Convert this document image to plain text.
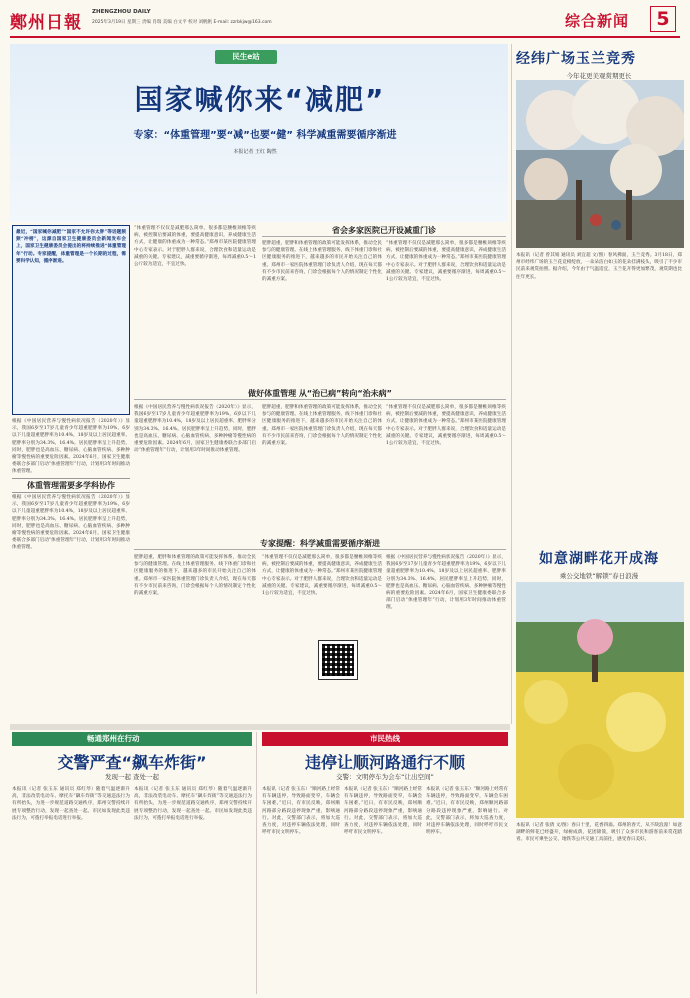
鄭州日報
ZHENGZHOU DAILY
2025年3月19日 星期三 责编 肖瑞 美编 白文平 校对 刘帆帆 E-mail: zzrbkjw@163.com	综合新闻	5
民生e站
国家喊你来“减肥”
专家：“体重管理”要“减”也要“健” 科学减重需要循序渐进
本报记者 王红 陶然
最近，“国家喊你减肥”“国家不允许你太胖”等话题频频“冲榜”，这源自国家卫生健康委员会新闻发布会上，国家卫生健康委员会提出的将持续推进“体重管理年”行动。专家提醒，体重管理是一个长期的过程，需要科学认知，循序渐进。
根据《中国居民营养与慢性病状况报告（2020年）》显示，我国6岁至17岁儿童青少年超重肥胖率为19%，6岁以下儿童超重肥胖率为10.4%，18岁及以上居民超重率、肥胖率分别为34.3%、16.4%。居民肥胖率呈上升趋势，同时，肥胖也是高血压、糖尿病、心脑血管疾病、多种肿瘤等慢性病的重要危险因素。2024年6月，国家卫生健康委联合多部门启动“体重管理年”行动，计划用3年时间推动体重管理。
体重管理需要多学科协作
根据《中国居民营养与慢性病状况报告（2020年）》显示，我国6岁至17岁儿童青少年超重肥胖率为19%，6岁以下儿童超重肥胖率为10.4%，18岁及以上居民超重率、肥胖率分别为34.3%、16.4%。居民肥胖率呈上升趋势，同时，肥胖也是高血压、糖尿病、心脑血管疾病、多种肿瘤等慢性病的重要危险因素。2024年6月，国家卫生健康委联合多部门启动“体重管理年”行动，计划用3年时间推动体重管理。
“体重管理不仅仅是减肥那么简单，很多都是腰椎颈椎等疾病，被控制后要减的体重，要提高健康意识，养成健康生活方式，让健康的体重成为一种常态。”郑州市某医院健康管理中心专家表示。对于肥胖人群来说，合理饮食和适量运动是减重的关键。专家建议，减重要循序渐进，每周减重0.5～1公斤较为适宜，不宜过快。
省会多家医院已开设减重门诊
肥胖超重，肥胖和体重管理的政策可能发挥体系，推动全民参与的健康管理。在线上体重管理服务、线下体重门诊和社区健康服务的推进下，越来越多的市民开始关注自己的体重。郑州市一家医院体重管理门诊负责人介绍，现在每天都有不少市民前来咨询，门诊会根据每个人的情况制定个性化的减重方案。
“体重管理不仅仅是减肥那么简单，很多都是腰椎颈椎等疾病，被控制后要减的体重，要提高健康意识，养成健康生活方式，让健康的体重成为一种常态。”郑州市某医院健康管理中心专家表示。对于肥胖人群来说，合理饮食和适量运动是减重的关键。专家建议，减重要循序渐进，每周减重0.5～1公斤较为适宜，不宜过快。
做好体重管理 从“治已病”转向“治未病”
根据《中国居民营养与慢性病状况报告（2020年）》显示，我国6岁至17岁儿童青少年超重肥胖率为19%，6岁以下儿童超重肥胖率为10.4%，18岁及以上居民超重率、肥胖率分别为34.3%、16.4%。居民肥胖率呈上升趋势，同时，肥胖也是高血压、糖尿病、心脑血管疾病、多种肿瘤等慢性病的重要危险因素。2024年6月，国家卫生健康委联合多部门启动“体重管理年”行动，计划用3年时间推动体重管理。
肥胖超重，肥胖和体重管理的政策可能发挥体系，推动全民参与的健康管理。在线上体重管理服务、线下体重门诊和社区健康服务的推进下，越来越多的市民开始关注自己的体重。郑州市一家医院体重管理门诊负责人介绍，现在每天都有不少市民前来咨询，门诊会根据每个人的情况制定个性化的减重方案。
“体重管理不仅仅是减肥那么简单，很多都是腰椎颈椎等疾病，被控制后要减的体重，要提高健康意识，养成健康生活方式，让健康的体重成为一种常态。”郑州市某医院健康管理中心专家表示。对于肥胖人群来说，合理饮食和适量运动是减重的关键。专家建议，减重要循序渐进，每周减重0.5～1公斤较为适宜，不宜过快。
专家提醒：科学减重需要循序渐进
肥胖超重，肥胖和体重管理的政策可能发挥体系，推动全民参与的健康管理。在线上体重管理服务、线下体重门诊和社区健康服务的推进下，越来越多的市民开始关注自己的体重。郑州市一家医院体重管理门诊负责人介绍，现在每天都有不少市民前来咨询，门诊会根据每个人的情况制定个性化的减重方案。
“体重管理不仅仅是减肥那么简单，很多都是腰椎颈椎等疾病，被控制后要减的体重，要提高健康意识，养成健康生活方式，让健康的体重成为一种常态。”郑州市某医院健康管理中心专家表示。对于肥胖人群来说，合理饮食和适量运动是减重的关键。专家建议，减重要循序渐进，每周减重0.5～1公斤较为适宜，不宜过快。
根据《中国居民营养与慢性病状况报告（2020年）》显示，我国6岁至17岁儿童青少年超重肥胖率为19%，6岁以下儿童超重肥胖率为10.4%，18岁及以上居民超重率、肥胖率分别为34.3%、16.4%。居民肥胖率呈上升趋势，同时，肥胖也是高血压、糖尿病、心脑血管疾病、多种肿瘤等慢性病的重要危险因素。2024年6月，国家卫生健康委联合多部门启动“体重管理年”行动，计划用3年时间推动体重管理。
经纬广场玉兰竞秀
今年花更美观赏期更长
本报讯（记者 曾其娟 通讯员 刘宜超 文/图）春风拂面，玉兰竞秀。3月18日，郑州市经纬广场的玉兰花竞相绽放，一朵朵洁白如玉的花朵挂满枝头，吸引了不少市民前来观赏拍照。据介绍，今年由于气温适宜，玉兰花开得更加繁茂，观赏期也比往年更长。
如意湖畔花开成海
乘公交地铁“解锁”春日浪漫
本报讯（记者 张倩 文/图）春日十里，花香四溢。郑州的春天，从不缺浪漫！如意湖畔的鲜花已经盛开，绿树成荫，花团锦簇，吸引了众多市民和游客前来赏花踏青。市民可乘坐公交、地铁等公共交通工具前往，感受春日美好。
畅通郑州在行动
交警严查“飙车炸街”
发现一起 查处一起
本报讯（记者 张玉东 通讯员 郑红琴）随着气温逐渐升高，非法改装电动车、摩托车“飙车炸街”等交通违法行为有所抬头，为进一步规范道路交通秩序，郑州交警持续开展专项整治行动，发现一起查处一起。市民如发现此类违法行为，可拨打举报电话进行举报。
本报讯（记者 张玉东 通讯员 郑红琴）随着气温逐渐升高，非法改装电动车、摩托车“飙车炸街”等交通违法行为有所抬头，为进一步规范道路交通秩序，郑州交警持续开展专项整治行动，发现一起查处一起。市民如发现此类违法行为，可拨打举报电话进行举报。
市民热线
违停让顺河路通行不顺
交警：文明停车为会车“让出空间”
本报讯（记者 张玉东）“顺河路上经常有车辆违停，导致路面变窄，车辆会车困难。”近日，有市民反映，郑州顺河路部分路段违停现象严重，影响通行。对此，交警部门表示，将加大巡查力度，对违停车辆依法处理，同时呼吁市民文明停车。
本报讯（记者 张玉东）“顺河路上经常有车辆违停，导致路面变窄，车辆会车困难。”近日，有市民反映，郑州顺河路部分路段违停现象严重，影响通行。对此，交警部门表示，将加大巡查力度，对违停车辆依法处理，同时呼吁市民文明停车。
本报讯（记者 张玉东）“顺河路上经常有车辆违停，导致路面变窄，车辆会车困难。”近日，有市民反映，郑州顺河路部分路段违停现象严重，影响通行。对此，交警部门表示，将加大巡查力度，对违停车辆依法处理，同时呼吁市民文明停车。
